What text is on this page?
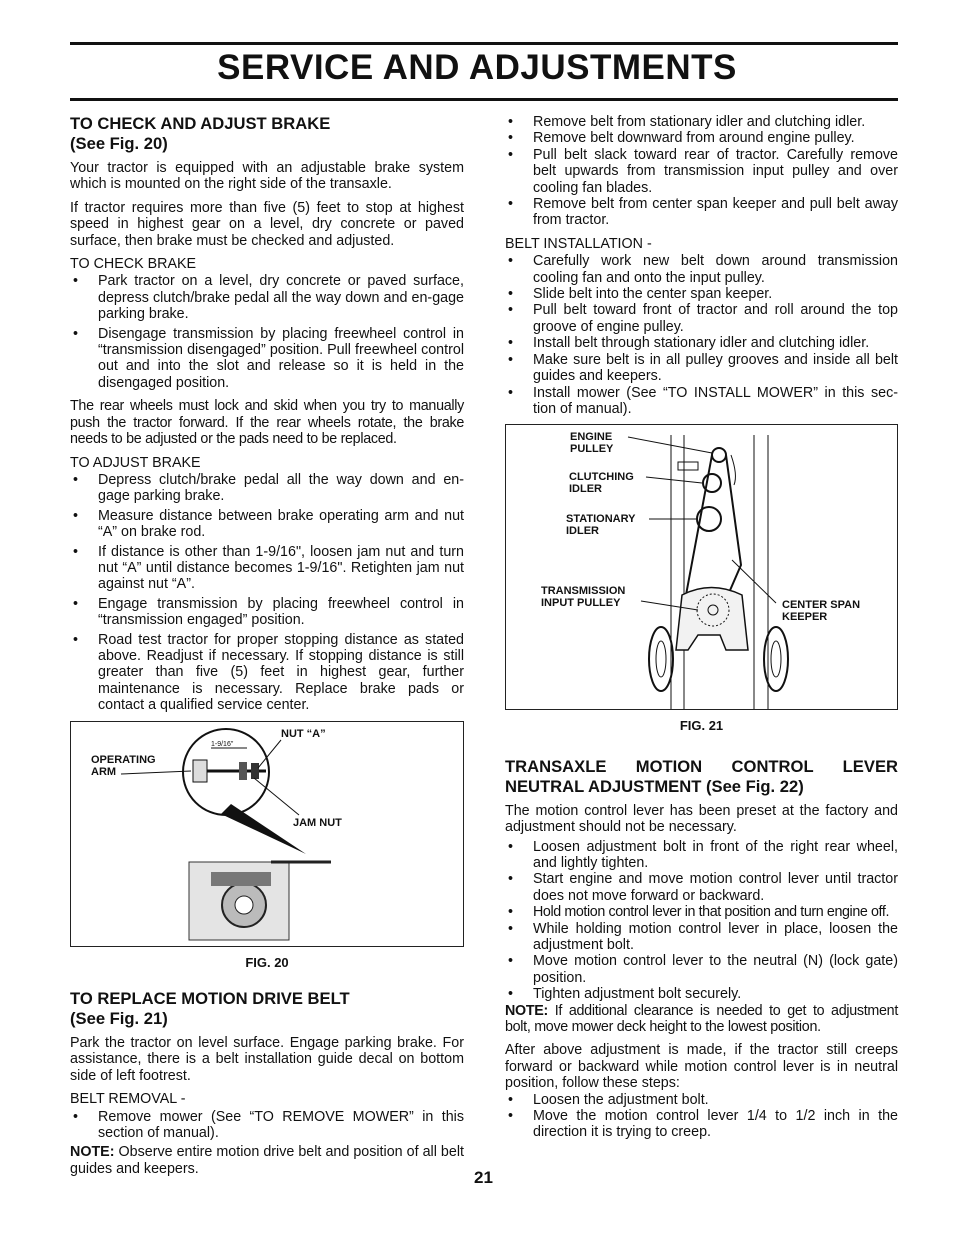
SERVICE AND ADJUSTMENTS
TO CHECK AND ADJUST BRAKE
(See Fig. 20)

Your tractor is equipped with an adjustable brake system which is mounted on the right side of the transaxle.

If tractor requires more than five (5) feet to stop at highest speed in highest gear on a level, dry concrete or paved surface, then brake must be checked and adjusted.

TO CHECK BRAKE
• Park tractor on a level, dry concrete or paved surface, depress clutch/brake pedal all the way down and en-gage parking brake.
• Disengage transmission by placing freewheel control in “transmission disengaged” position. Pull freewheel control out and into the slot and release so it is held in the disengaged position.

The rear wheels must lock and skid when you try to manually push the tractor forward. If the rear wheels rotate, the brake needs to be adjusted or the pads need to be replaced.

TO ADJUST BRAKE
• Depress clutch/brake pedal all the way down and en-gage parking brake.
• Measure distance between brake operating arm and nut “A” on brake rod.
• If distance is other than 1-9/16", loosen jam nut and turn nut “A” until distance becomes 1-9/16". Retighten jam nut against nut “A”.
• Engage transmission by placing freewheel control in “transmission engaged” position.
• Road test tractor for proper stopping distance as stated above. Readjust if necessary. If stopping distance is still greater than five (5) feet in highest gear, further maintenance is necessary. Replace brake pads or contact a qualified service center.
OPERATING ARM
NUT “A”
JAM NUT
1-9/16"
FIG. 20
TO REPLACE MOTION DRIVE BELT
(See Fig. 21)

Park the tractor on level surface. Engage parking brake. For assistance, there is a belt installation guide decal on bottom side of left footrest.

BELT REMOVAL -
• Remove mower (See “TO REMOVE MOWER” in this section of manual).

NOTE: Observe entire motion drive belt and position of all belt guides and keepers.

• Remove belt from stationary idler and clutching idler.
• Remove belt downward from around engine pulley.
• Pull belt slack toward rear of tractor. Carefully remove belt upwards from transmission input pulley and over cooling fan blades.
• Remove belt from center span keeper and pull belt away from tractor.
BELT INSTALLATION -
• Carefully work new belt down around transmission cooling fan and onto the input pulley.
• Slide belt into the center span keeper.
• Pull belt toward front of tractor and roll around the top groove of engine pulley.
• Install belt through stationary idler and clutching idler.
• Make sure belt is in all pulley grooves and inside all belt guides and keepers.
• Install mower (See “TO INSTALL MOWER” in this sec-tion of manual).
ENGINE PULLEY
CLUTCHING IDLER
STATIONARY IDLER
TRANSMISSION INPUT PULLEY	CENTER SPAN KEEPER
FIG. 21
TRANSAXLE MOTION CONTROL LEVER NEUTRAL ADJUSTMENT (See Fig. 22)

The motion control lever has been preset at the factory and adjustment should not be necessary.

• Loosen adjustment bolt in front of the right rear wheel, and lightly tighten.
• Start engine and move motion control lever until tractor does not move forward or backward.
• Hold motion control lever in that position and turn engine off.
• While holding motion control lever in place, loosen the adjustment bolt.
• Move motion control lever to the neutral (N) (lock gate) position.
• Tighten adjustment bolt securely.

NOTE: If additional clearance is needed to get to adjustment bolt, move mower deck height to the lowest position.

After above adjustment is made, if the tractor still creeps forward or backward while motion control lever is in neutral position, follow these steps:

• Loosen the adjustment bolt.
• Move the motion control lever 1/4 to 1/2 inch in the direction it is trying to creep.
21
